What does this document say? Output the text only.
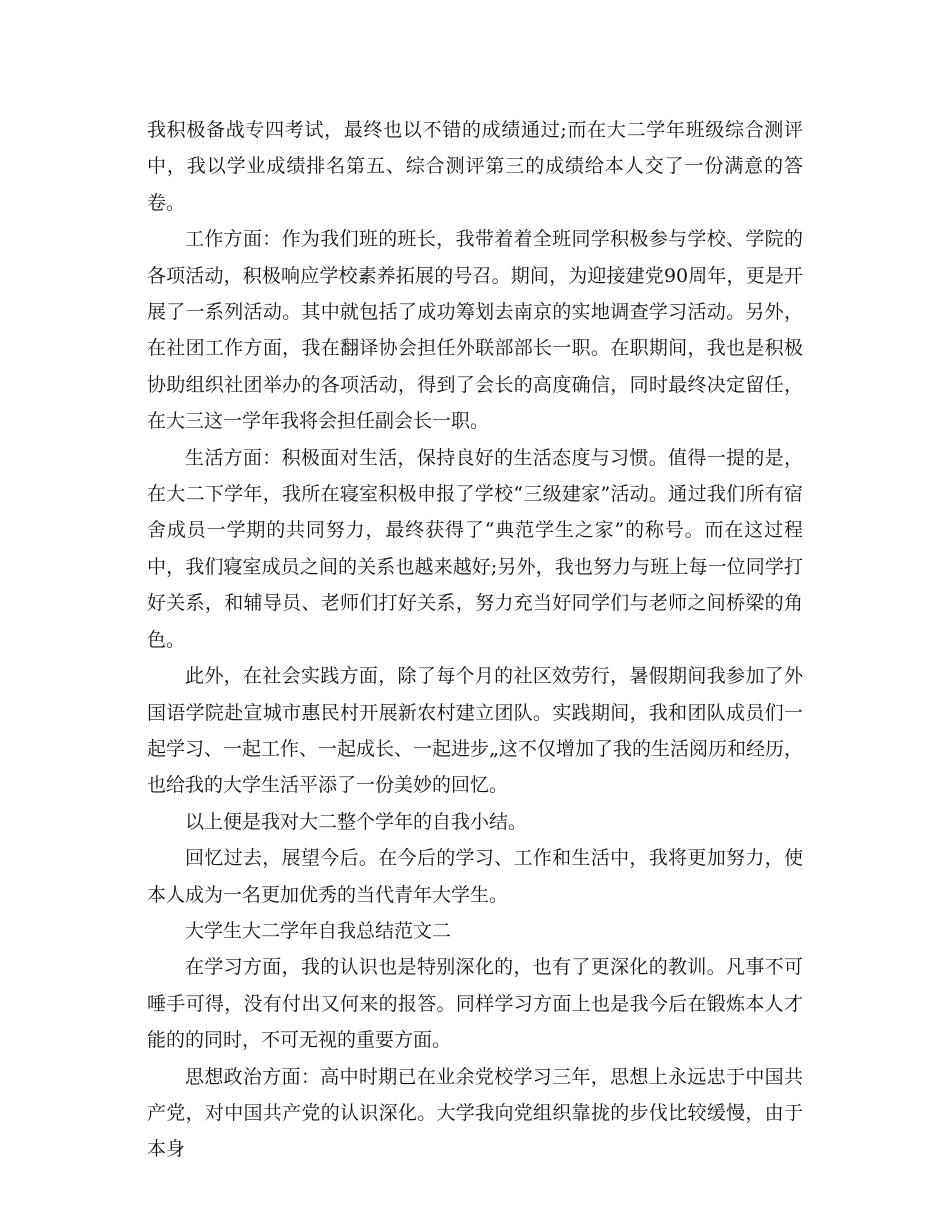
我积极备战专四考试，最终也以不错的成绩通过;而在大二学年班级综合测评中，我以学业成绩排名第五、综合测评第三的成绩给本人交了一份满意的答卷。

工作方面：作为我们班的班长，我带着着全班同学积极参与学校、学院的各项活动，积极响应学校素养拓展的号召。期间，为迎接建党90周年，更是开展了一系列活动。其中就包括了成功筹划去南京的实地调查学习活动。另外，在社团工作方面，我在翻译协会担任外联部部长一职。在职期间，我也是积极协助组织社团举办的各项活动，得到了会长的高度确信，同时最终决定留任，在大三这一学年我将会担任副会长一职。

生活方面：积极面对生活，保持良好的生活态度与习惯。值得一提的是，在大二下学年，我所在寝室积极申报了学校“三级建家”活动。通过我们所有宿舍成员一学期的共同努力，最终获得了“典范学生之家”的称号。而在这过程中，我们寝室成员之间的关系也越来越好;另外，我也努力与班上每一位同学打好关系，和辅导员、老师们打好关系，努力充当好同学们与老师之间桥梁的角色。

此外，在社会实践方面，除了每个月的社区效劳行，暑假期间我参加了外国语学院赴宣城市惠民村开展新农村建立团队。实践期间，我和团队成员们一起学习、一起工作、一起成长、一起进步„这不仅增加了我的生活阅历和经历，也给我的大学生活平添了一份美妙的回忆。

以上便是我对大二整个学年的自我小结。

回忆过去，展望今后。在今后的学习、工作和生活中，我将更加努力，使本人成为一名更加优秀的当代青年大学生。

大学生大二学年自我总结范文二

在学习方面，我的认识也是特别深化的，也有了更深化的教训。凡事不可唾手可得，没有付出又何来的报答。同样学习方面上也是我今后在锻炼本人才能的的同时，不可无视的重要方面。

思想政治方面：高中时期已在业余党校学习三年，思想上永远忠于中国共产党，对中国共产党的认识深化。大学我向党组织靠拢的步伐比较缓慢，由于本身
